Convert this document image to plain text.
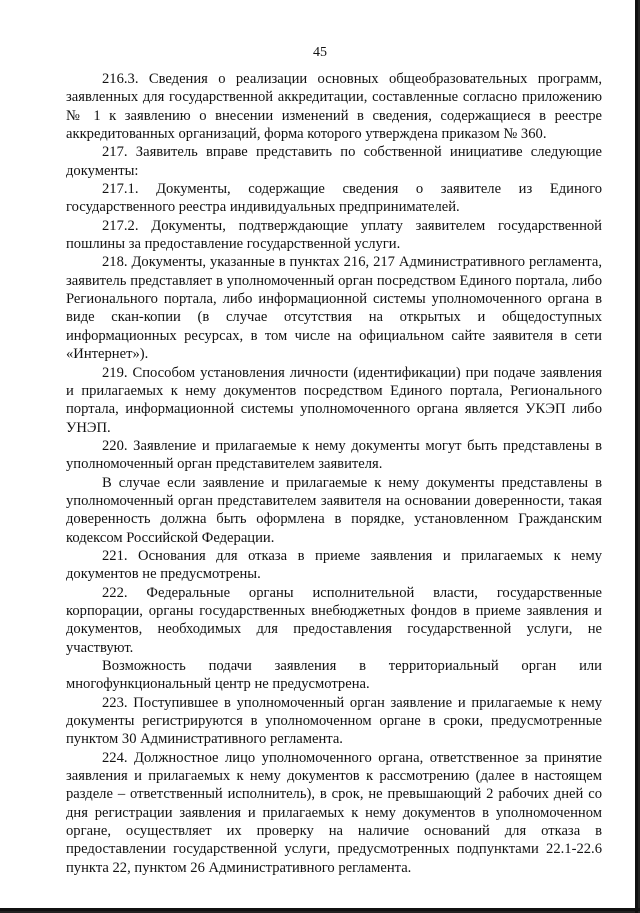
45

216.3. Сведения о реализации основных общеобразовательных программ, заявленных для государственной аккредитации, составленные согласно приложению № 1 к заявлению о внесении изменений в сведения, содержащиеся в реестре аккредитованных организаций, форма которого утверждена приказом № 360.

217. Заявитель вправе представить по собственной инициативе следующие документы:

217.1. Документы, содержащие сведения о заявителе из Единого государственного реестра индивидуальных предпринимателей.

217.2. Документы, подтверждающие уплату заявителем государственной пошлины за предоставление государственной услуги.

218. Документы, указанные в пунктах 216, 217 Административного регламента, заявитель представляет в уполномоченный орган посредством Единого портала, либо Регионального портала, либо информационной системы уполномоченного органа в виде скан-копии (в случае отсутствия на открытых и общедоступных информационных ресурсах, в том числе на официальном сайте заявителя в сети «Интернет»).

219. Способом установления личности (идентификации) при подаче заявления и прилагаемых к нему документов посредством Единого портала, Регионального портала, информационной системы уполномоченного органа является УКЭП либо УНЭП.

220. Заявление и прилагаемые к нему документы могут быть представлены в уполномоченный орган представителем заявителя.

В случае если заявление и прилагаемые к нему документы представлены в уполномоченный орган представителем заявителя на основании доверенности, такая доверенность должна быть оформлена в порядке, установленном Гражданским кодексом Российской Федерации.

221. Основания для отказа в приеме заявления и прилагаемых к нему документов не предусмотрены.

222. Федеральные органы исполнительной власти, государственные корпорации, органы государственных внебюджетных фондов в приеме заявления и документов, необходимых для предоставления государственной услуги, не участвуют.

Возможность подачи заявления в территориальный орган или многофункциональный центр не предусмотрена.

223. Поступившее в уполномоченный орган заявление и прилагаемые к нему документы регистрируются в уполномоченном органе в сроки, предусмотренные пунктом 30 Административного регламента.

224. Должностное лицо уполномоченного органа, ответственное за принятие заявления и прилагаемых к нему документов к рассмотрению (далее в настоящем разделе – ответственный исполнитель), в срок, не превышающий 2 рабочих дней со дня регистрации заявления и прилагаемых к нему документов в уполномоченном органе, осуществляет их проверку на наличие оснований для отказа в предоставлении государственной услуги, предусмотренных подпунктами 22.1-22.6 пункта 22, пунктом 26 Административного регламента.
